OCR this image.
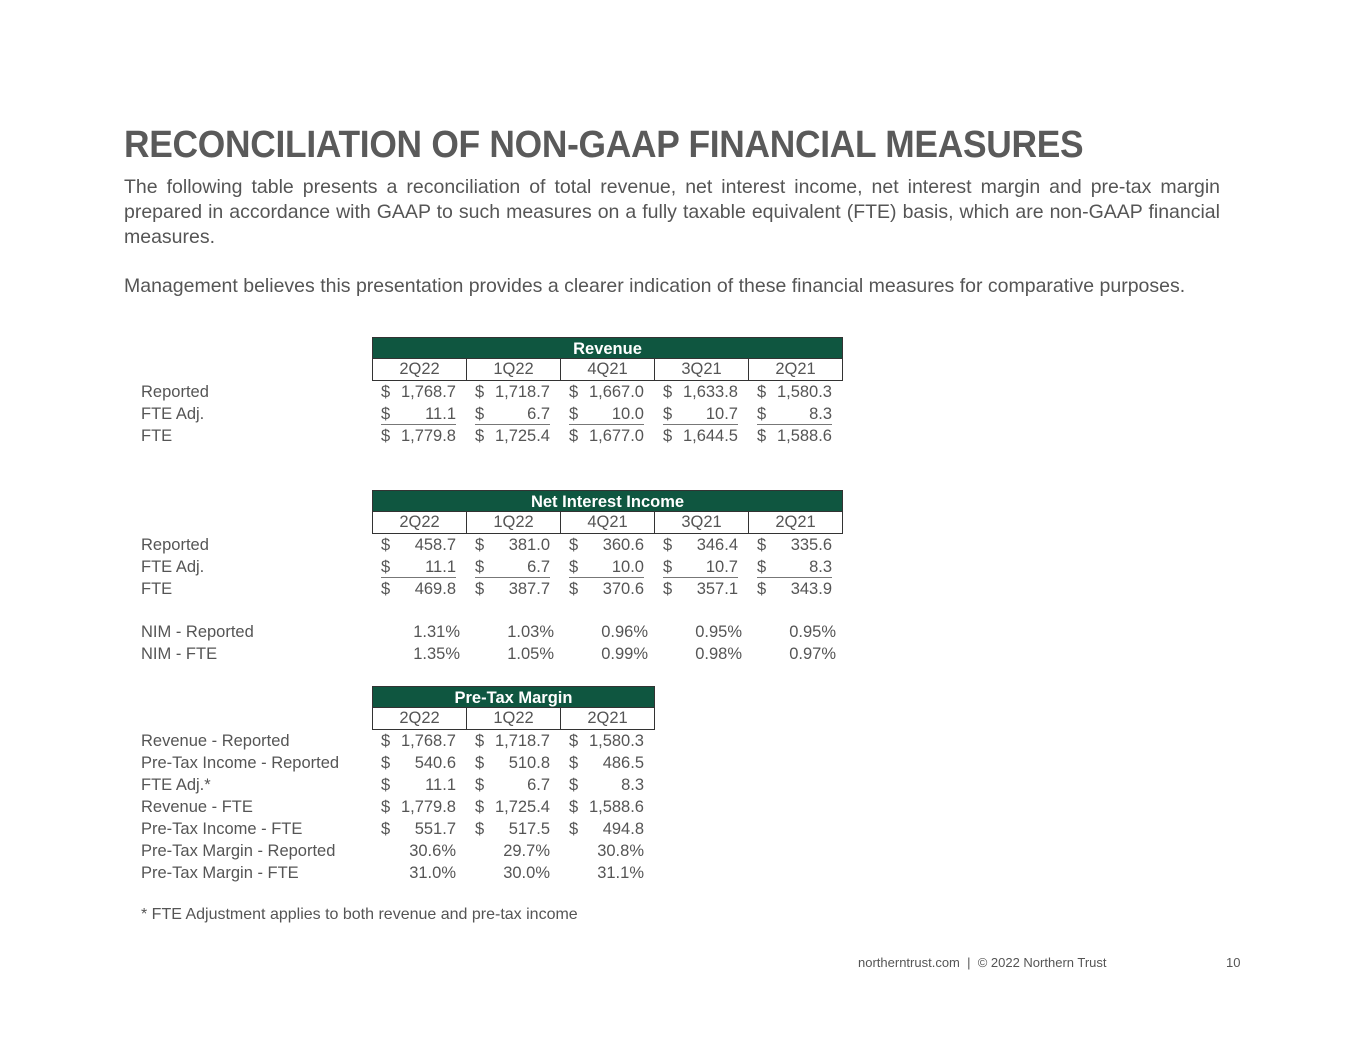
RECONCILIATION OF NON-GAAP FINANCIAL MEASURES

The following table presents a reconciliation of total revenue, net interest income, net interest margin and pre-tax margin prepared in accordance with GAAP to such measures on a fully taxable equivalent (FTE) basis, which are non-GAAP financial measures.

Management believes this presentation provides a clearer indication of these financial measures for comparative purposes.

Revenue
2Q22	1Q22	4Q21	3Q21	2Q21
Reported	$ 1,768.7 $ 1,718.7 $ 1,667.0 $ 1,633.8 $ 1,580.3
FTE Adj.	$	11.1 $	6.7 $	10.0 $	10.7 $	8.3
FTE	$ 1,779.8 $ 1,725.4 $ 1,677.0 $ 1,644.5 $ 1,588.6
Net Interest Income
2Q22	1Q22	4Q21	3Q21	2Q21
Reported	$	458.7 $	381.0 $	360.6 $	346.4 $	335.6
FTE Adj.	$	11.1 $	6.7 $	10.0 $	10.7 $	8.3
FTE	$	469.8 $	387.7 $	370.6 $	357.1 $	343.9
NIM - Reported	1.31%	1.03%	0.96%	0.95%	0.95%
NIM - FTE	1.35%	1.05%	0.99%	0.98%	0.97%
Pre-Tax Margin
2Q22	1Q22	2Q21
Revenue - Reported	$ 1,768.7 $ 1,718.7 $ 1,580.3
Pre-Tax Income - Reported	$	540.6 $	510.8 $	486.5
FTE Adj.*	$	11.1 $	6.7 $	8.3
Revenue - FTE	$ 1,779.8 $ 1,725.4 $ 1,588.6
Pre-Tax Income - FTE	$	551.7 $	517.5 $	494.8
Pre-Tax Margin - Reported	30.6%	29.7%	30.8%
Pre-Tax Margin - FTE	31.0%	30.0%	31.1%
* FTE Adjustment applies to both revenue and pre-tax income
northerntrust.com  |  © 2022 Northern Trust	10
